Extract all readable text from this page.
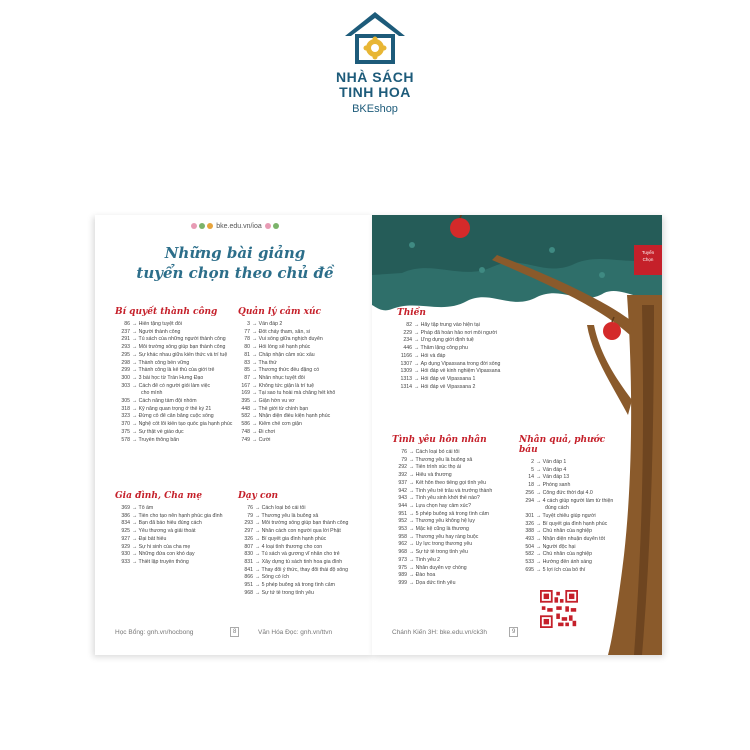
NHÀ SÁCH
TINH HOA
BKEshop
bke.edu.vn/ioa
Những bài giảng
tuyển chọn theo chủ đề
Bí quyết thành công
86 → Hiến tặng tuyệt đối
237 → Người thành công
291 → Tủ sách của những người thành công
293 → Môi trường sống giúp bạn thành công
295 → Sự khác nhau giữa kiến thức và trí tuệ
298 → Thành công bền vững
299 → Thành công là kẻ thù của giới trẻ
300 → 3 bài học từ Trần Hưng Đạo
303 → Cách để có người giỏi làm việc
cho mình
305 → Cách nâng tầm đội nhóm
318 → Kỹ năng quan trọng ở thế kỷ 21
323 → Đừng cố để cân bằng cuộc sống
370 → Nghệ cốt lõi kiến tạo quốc gia hạnh phúc
375 → Sự thật về giáo dục
578 → Truyền thông bẩn
Quản lý cảm xúc
3 → Vấn đáp 2
77 → Đốt cháy tham, sân, si
78 → Vui sống giữa nghịch duyên
80 → Hỏi lòng sẽ hạnh phúc
81 → Chấp nhận cảm xúc xấu
83 → Tha thứ
85 → Thương thức đều đặng có
87 → Nhẫn nhục tuyệt đối
167 → Không tức giận là trí tuệ
169 → Tại sao tu hoài mà chẳng hết khổ
395 → Giận hờn vu vơ
448 → Thế giới từ chính bạn
582 → Nhận diện điều kiện hạnh phúc
586 → Kiểm chế cơn giận
748 → Đi chơi
749 → Cười
Gia đình, Cha mẹ
369 → Tổ ấm
386 → Tiền cho tạo nên hạnh phúc gia đình
834 → Bạn đã báo hiếu đúng cách
925 → Yêu thương và giải thoát
927 → Đại bất hiếu
929 → Sự hi sinh của cha mẹ
930 → Những đứa con khó dạy
933 → Thiết lập truyền thống
Dạy con
76 → Cách loại bỏ cái tôi
79 → Thương yêu là buông xả
293 → Môi trường sống giúp bạn thành công
297 → Nhân cách con người qua lời Phật
326 → Bí quyết gia đình hạnh phúc
807 → 4 loại tình thương cho con
830 → Tủ sách và gương vĩ nhân cho trẻ
831 → Xây dựng tủ sách tinh hoa gia đình
841 → Thay đổi ý thức, thay đổi thái độ sống
866 → Sống có ích
951 → 5 phép buông xả trong tình cảm
968 → Sự tử tế trong tình yêu
Học Bổng: gnh.vn/hocbong	8	Văn Hóa Đọc: gnh.vn/ttvn
Tuyển
Chọn
Thiền
82 → Hãy tập trung vào hiện tại
229 → Pháp đã hoàn hảo nơi mỗi người
234 → Ứng dụng giới định tuệ
446 → Thâm lặng công phu
1166 → Hỏi và đáp
1307 → Áp dụng Vipassana trong đời sống
1309 → Hỏi đáp về kinh nghiệm Vipassana
1313 → Hỏi đáp về Vipassana 1
1314 → Hỏi đáp về Vipassana 2
Tình yêu hôn nhân
76 → Cách loại bỏ cái tôi
79 → Thương yêu là buông xả
292 → Tiến trình xúc thọ ái
392 → Hiểu và thương
937 → Kết hôn theo tiếng gọi tình yêu
942 → Tình yêu trẻ trâu và trưởng thành
943 → Tình yêu sinh khởi thế nào?
944 → Lựa chọn hay cảm xúc?
951 → 5 phép buông xả trong tình cảm
952 → Thương yêu không hệ lụy
953 → Mặc kệ cũng là thương
958 → Thương yêu hay ràng buộc
962 → Uy lực trong thương yêu
968 → Sự tử tế trong tình yêu
973 → Tình yêu 2
975 → Nhân duyên vợ chồng
989 → Đào hoa
999 → Dọa dức tình yêu
Nhân quả, phước báu
2 → Vấn đáp 1
5 → Vấn đáp 4
14 → Vấn đáp 13
18 → Phóng sanh
256 → Công đức thời đại 4.0
294 → 4 cách giúp người làm từ thiện
đúng cách
301 → Tuyệt chiêu giúp người
326 → Bí quyết gia đình hạnh phúc
388 → Chủ nhân của nghiệp
493 → Nhận diện nhuận duyên tốt
504 → Người độc hại
582 → Chủ nhân của nghiệp
533 → Hướng đến ánh sáng
695 → 5 lợi ích của bố thí
Chánh Kiến 3H: bke.edu.vn/ck3h	9
